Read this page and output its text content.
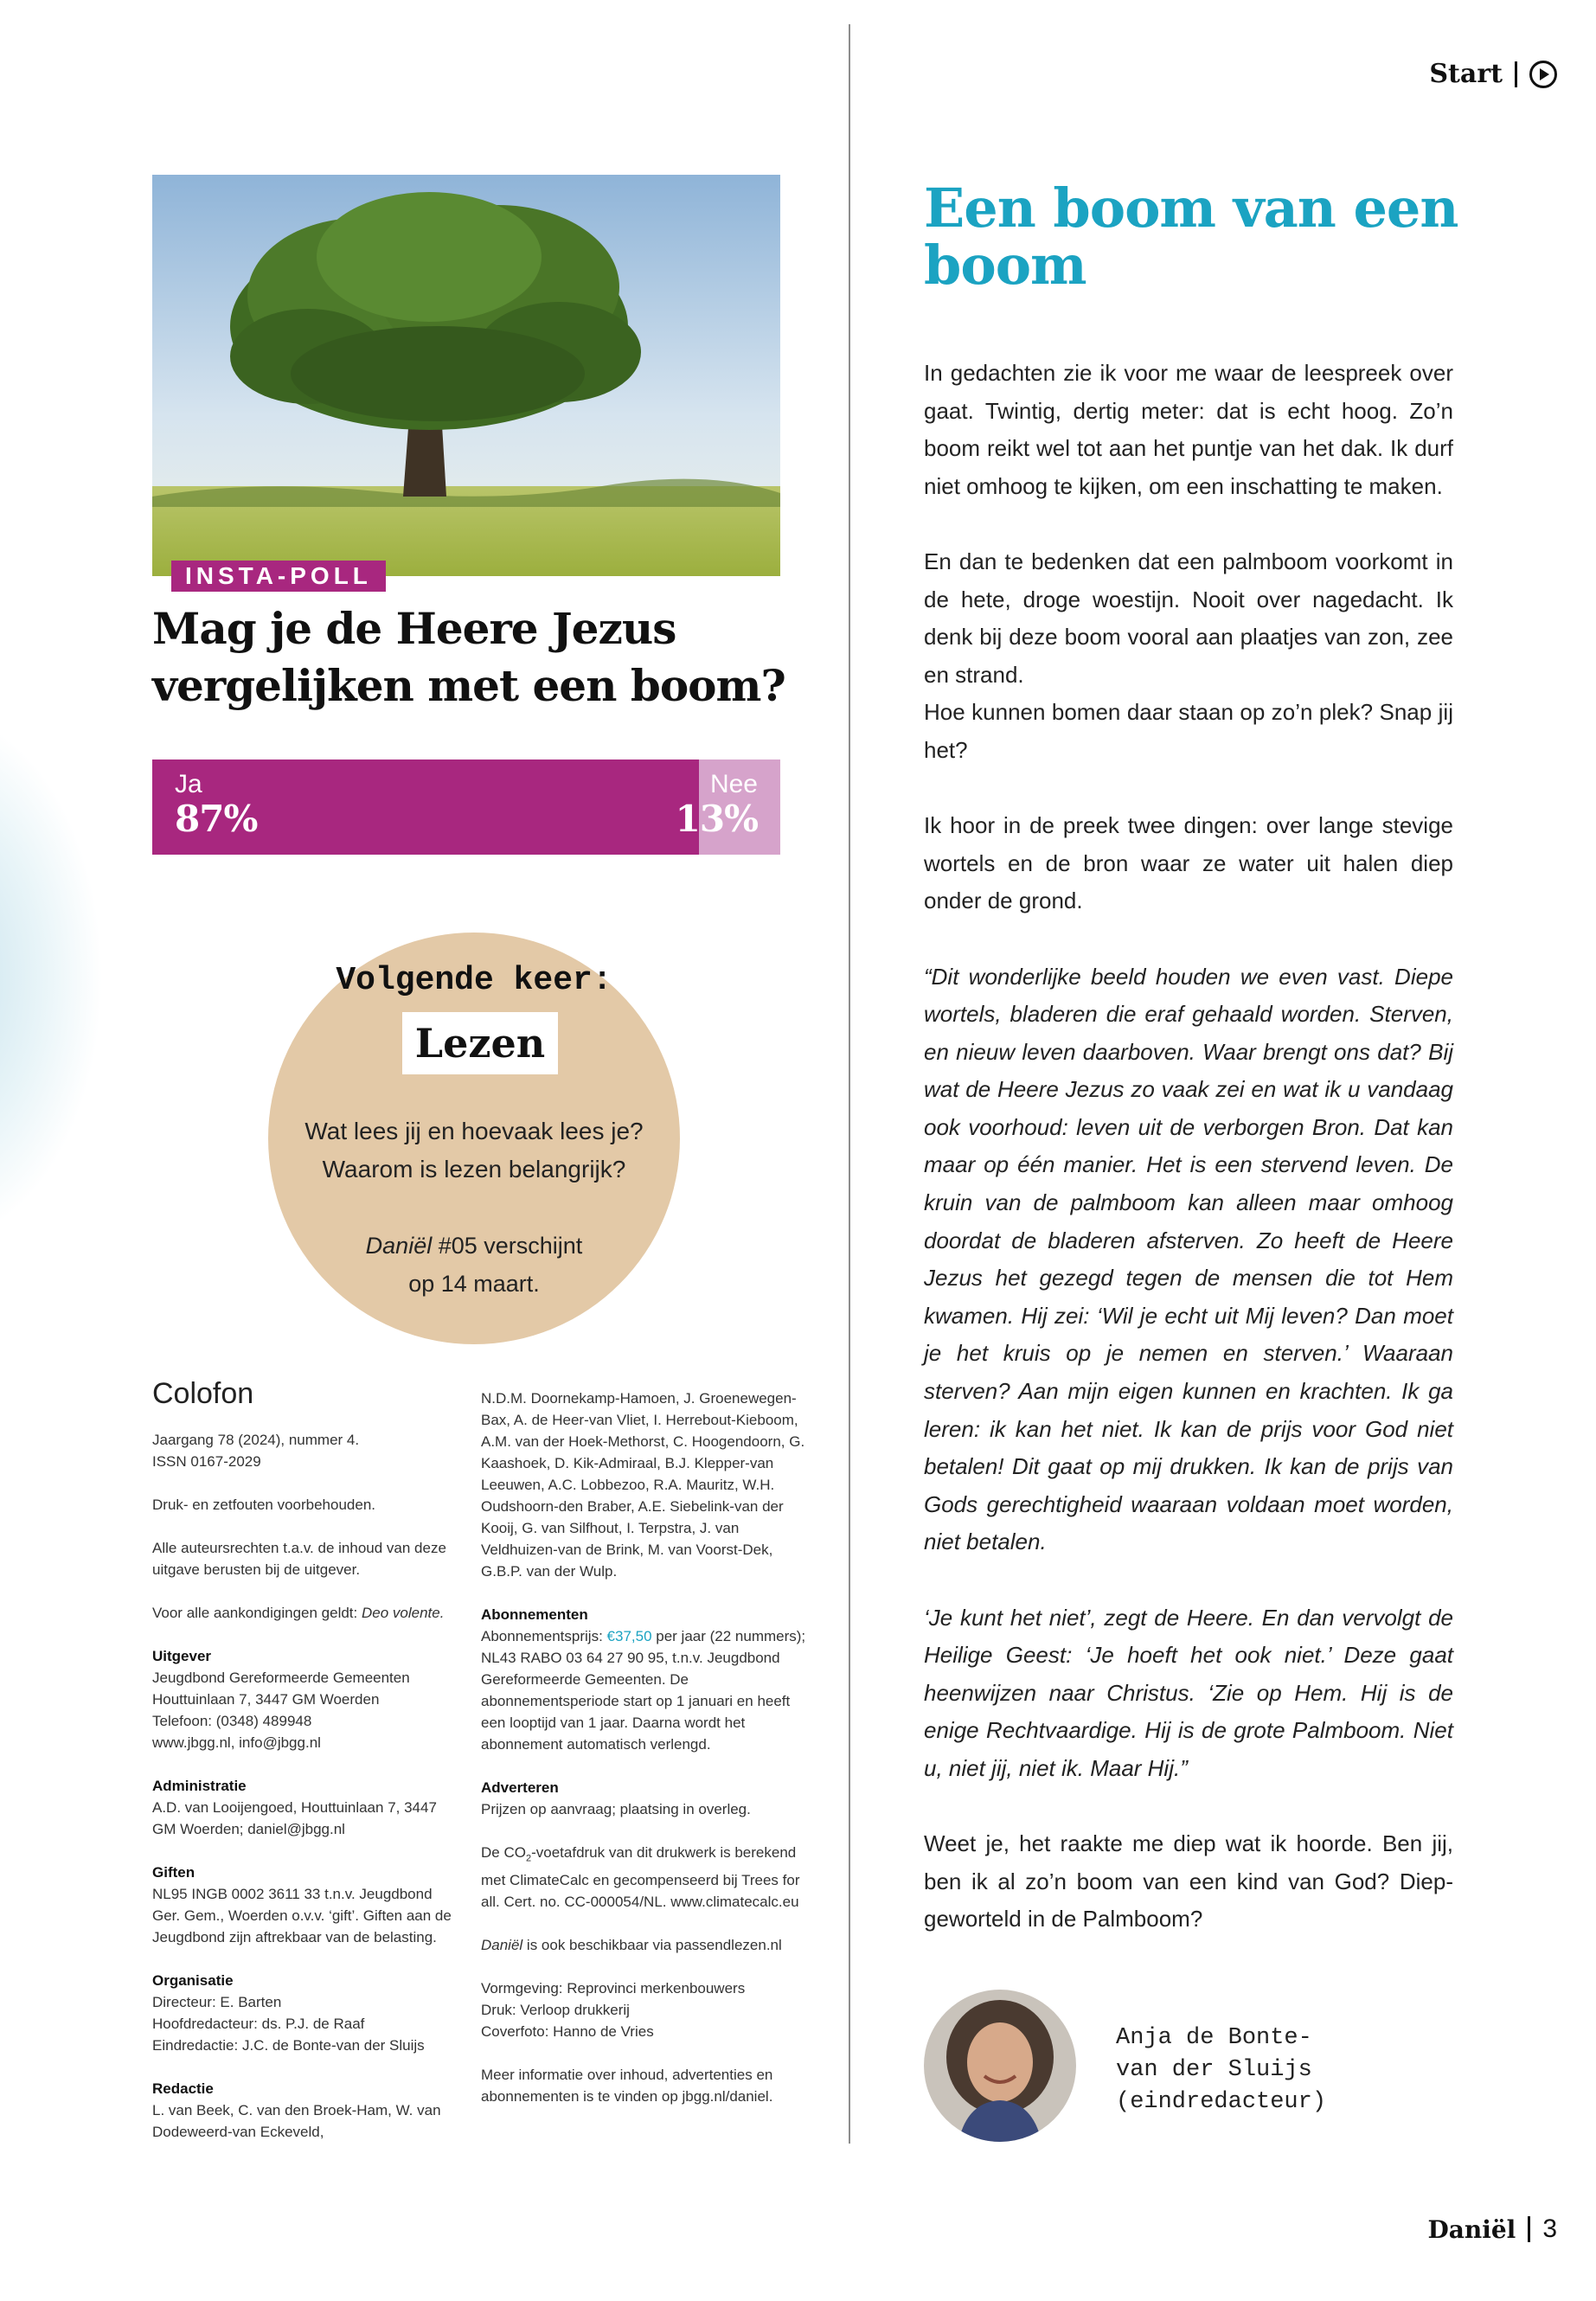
Start
INSTA-POLL
Mag je de Heere Jezus vergelijken met een boom?
Ja
87%
Nee
13%
Volgende keer:
Lezen
Wat lees jij en hoevaak lees je?
Waarom is lezen belangrijk?
Daniël #05 verschijnt
op 14 maart.
Colofon

Jaargang 78 (2024), nummer 4.
ISSN 0167-2029

Druk- en zetfouten voorbehouden.

Alle auteursrechten t.a.v. de inhoud van deze uitgave berusten bij de uitgever.

Voor alle aankondigingen geldt: Deo volente.

Uitgever
Jeugdbond Gereformeerde Gemeenten
Houttuinlaan 7, 3447 GM Woerden
Telefoon: (0348) 489948
www.jbgg.nl, info@jbgg.nl

Administratie
A.D. van Looijengoed, Houttuinlaan 7, 3447 GM Woerden; daniel@jbgg.nl

Giften
NL95 INGB 0002 3611 33 t.n.v. Jeugdbond Ger. Gem., Woerden o.v.v. ‘gift’. Giften aan de Jeugdbond zijn aftrekbaar van de belasting.

Organisatie
Directeur: E. Barten
Hoofdredacteur: ds. P.J. de Raaf
Eindredactie: J.C. de Bonte-van der Sluijs

Redactie
L. van Beek, C. van den Broek-Ham, W. van Dodeweerd-van Eckeveld,

N.D.M. Doornekamp-Hamoen, J. Groenewegen-Bax, A. de Heer-van Vliet, I. Herrebout-Kieboom, A.M. van der Hoek-Methorst, C. Hoogendoorn, G. Kaashoek, D. Kik-Admiraal, B.J. Klepper-van Leeuwen, A.C. Lobbezoo, R.A. Mauritz, W.H. Oudshoorn-den Braber, A.E. Siebelink-van der Kooij, G. van Silfhout, I. Terpstra, J. van Veldhuizen-van de Brink, M. van Voorst-Dek, G.B.P. van der Wulp.

Abonnementen
Abonnementsprijs: €37,50 per jaar (22 nummers); NL43 RABO 03 64 27 90 95, t.n.v. Jeugdbond Gereformeerde Gemeenten. De abonnementsperiode start op 1 januari en heeft een looptijd van 1 jaar. Daarna wordt het abonnement automatisch verlengd.

Adverteren
Prijzen op aanvraag; plaatsing in overleg.

De $CO_2$-voetafdruk van dit drukwerk is berekend met ClimateCalc en gecompenseerd bij Trees for all. Cert. no. CC-000054/NL. www.climatecalc.eu

Daniël is ook beschikbaar via passendlezen.nl

Vormgeving: Reprovinci merkenbouwers
Druk: Verloop drukkerij
Coverfoto: Hanno de Vries

Meer informatie over inhoud, advertenties en abonnementen is te vinden op jbgg.nl/daniel.

Een boom van een boom

In gedachten zie ik voor me waar de leespreek over gaat. Twintig, dertig meter: dat is echt hoog. Zo’n boom reikt wel tot aan het puntje van het dak. Ik durf niet omhoog te kijken, om een inschatting te maken.

En dan te bedenken dat een palmboom voorkomt in de hete, droge woestijn. Nooit over nagedacht. Ik denk bij deze boom vooral aan plaatjes van zon, zee en strand.

Hoe kunnen bomen daar staan op zo’n plek? Snap jij het?

Ik hoor in de preek twee dingen: over lange stevige wortels en de bron waar ze water uit halen diep onder de grond.

“Dit wonderlijke beeld houden we even vast. Diepe wortels, bladeren die eraf gehaald worden. Sterven, en nieuw leven daarboven. Waar brengt ons dat? Bij wat de Heere Jezus zo vaak zei en wat ik u vandaag ook voorhoud: leven uit de verborgen Bron. Dat kan maar op één manier. Het is een stervend leven. De kruin van de palmboom kan alleen maar omhoog doordat de bladeren afsterven. Zo heeft de Heere Jezus het gezegd tegen de mensen die tot Hem kwamen. Hij zei: ‘Wil je echt uit Mij leven? Dan moet je het kruis op je nemen en sterven.’ Waaraan sterven? Aan mijn eigen kunnen en krachten. Ik ga leren: ik kan het niet. Ik kan de prijs voor God niet betalen! Dit gaat op mij drukken. Ik kan de prijs van Gods gerechtigheid waaraan voldaan moet worden, niet betalen.

‘Je kunt het niet’, zegt de Heere. En dan vervolgt de Heilige Geest: ‘Je hoeft het ook niet.’ Deze gaat heenwijzen naar Christus. ‘Zie op Hem. Hij is de enige Rechtvaardige. Hij is de grote Palmboom. Niet u, niet jij, niet ik. Maar Hij.”

Weet je, het raakte me diep wat ik hoorde. Ben jij, ben ik al zo’n boom van een kind van God? Diepgeworteld in de Palmboom?

Anja de Bonte-
van der Sluijs
(eindredacteur)
Daniël 3
